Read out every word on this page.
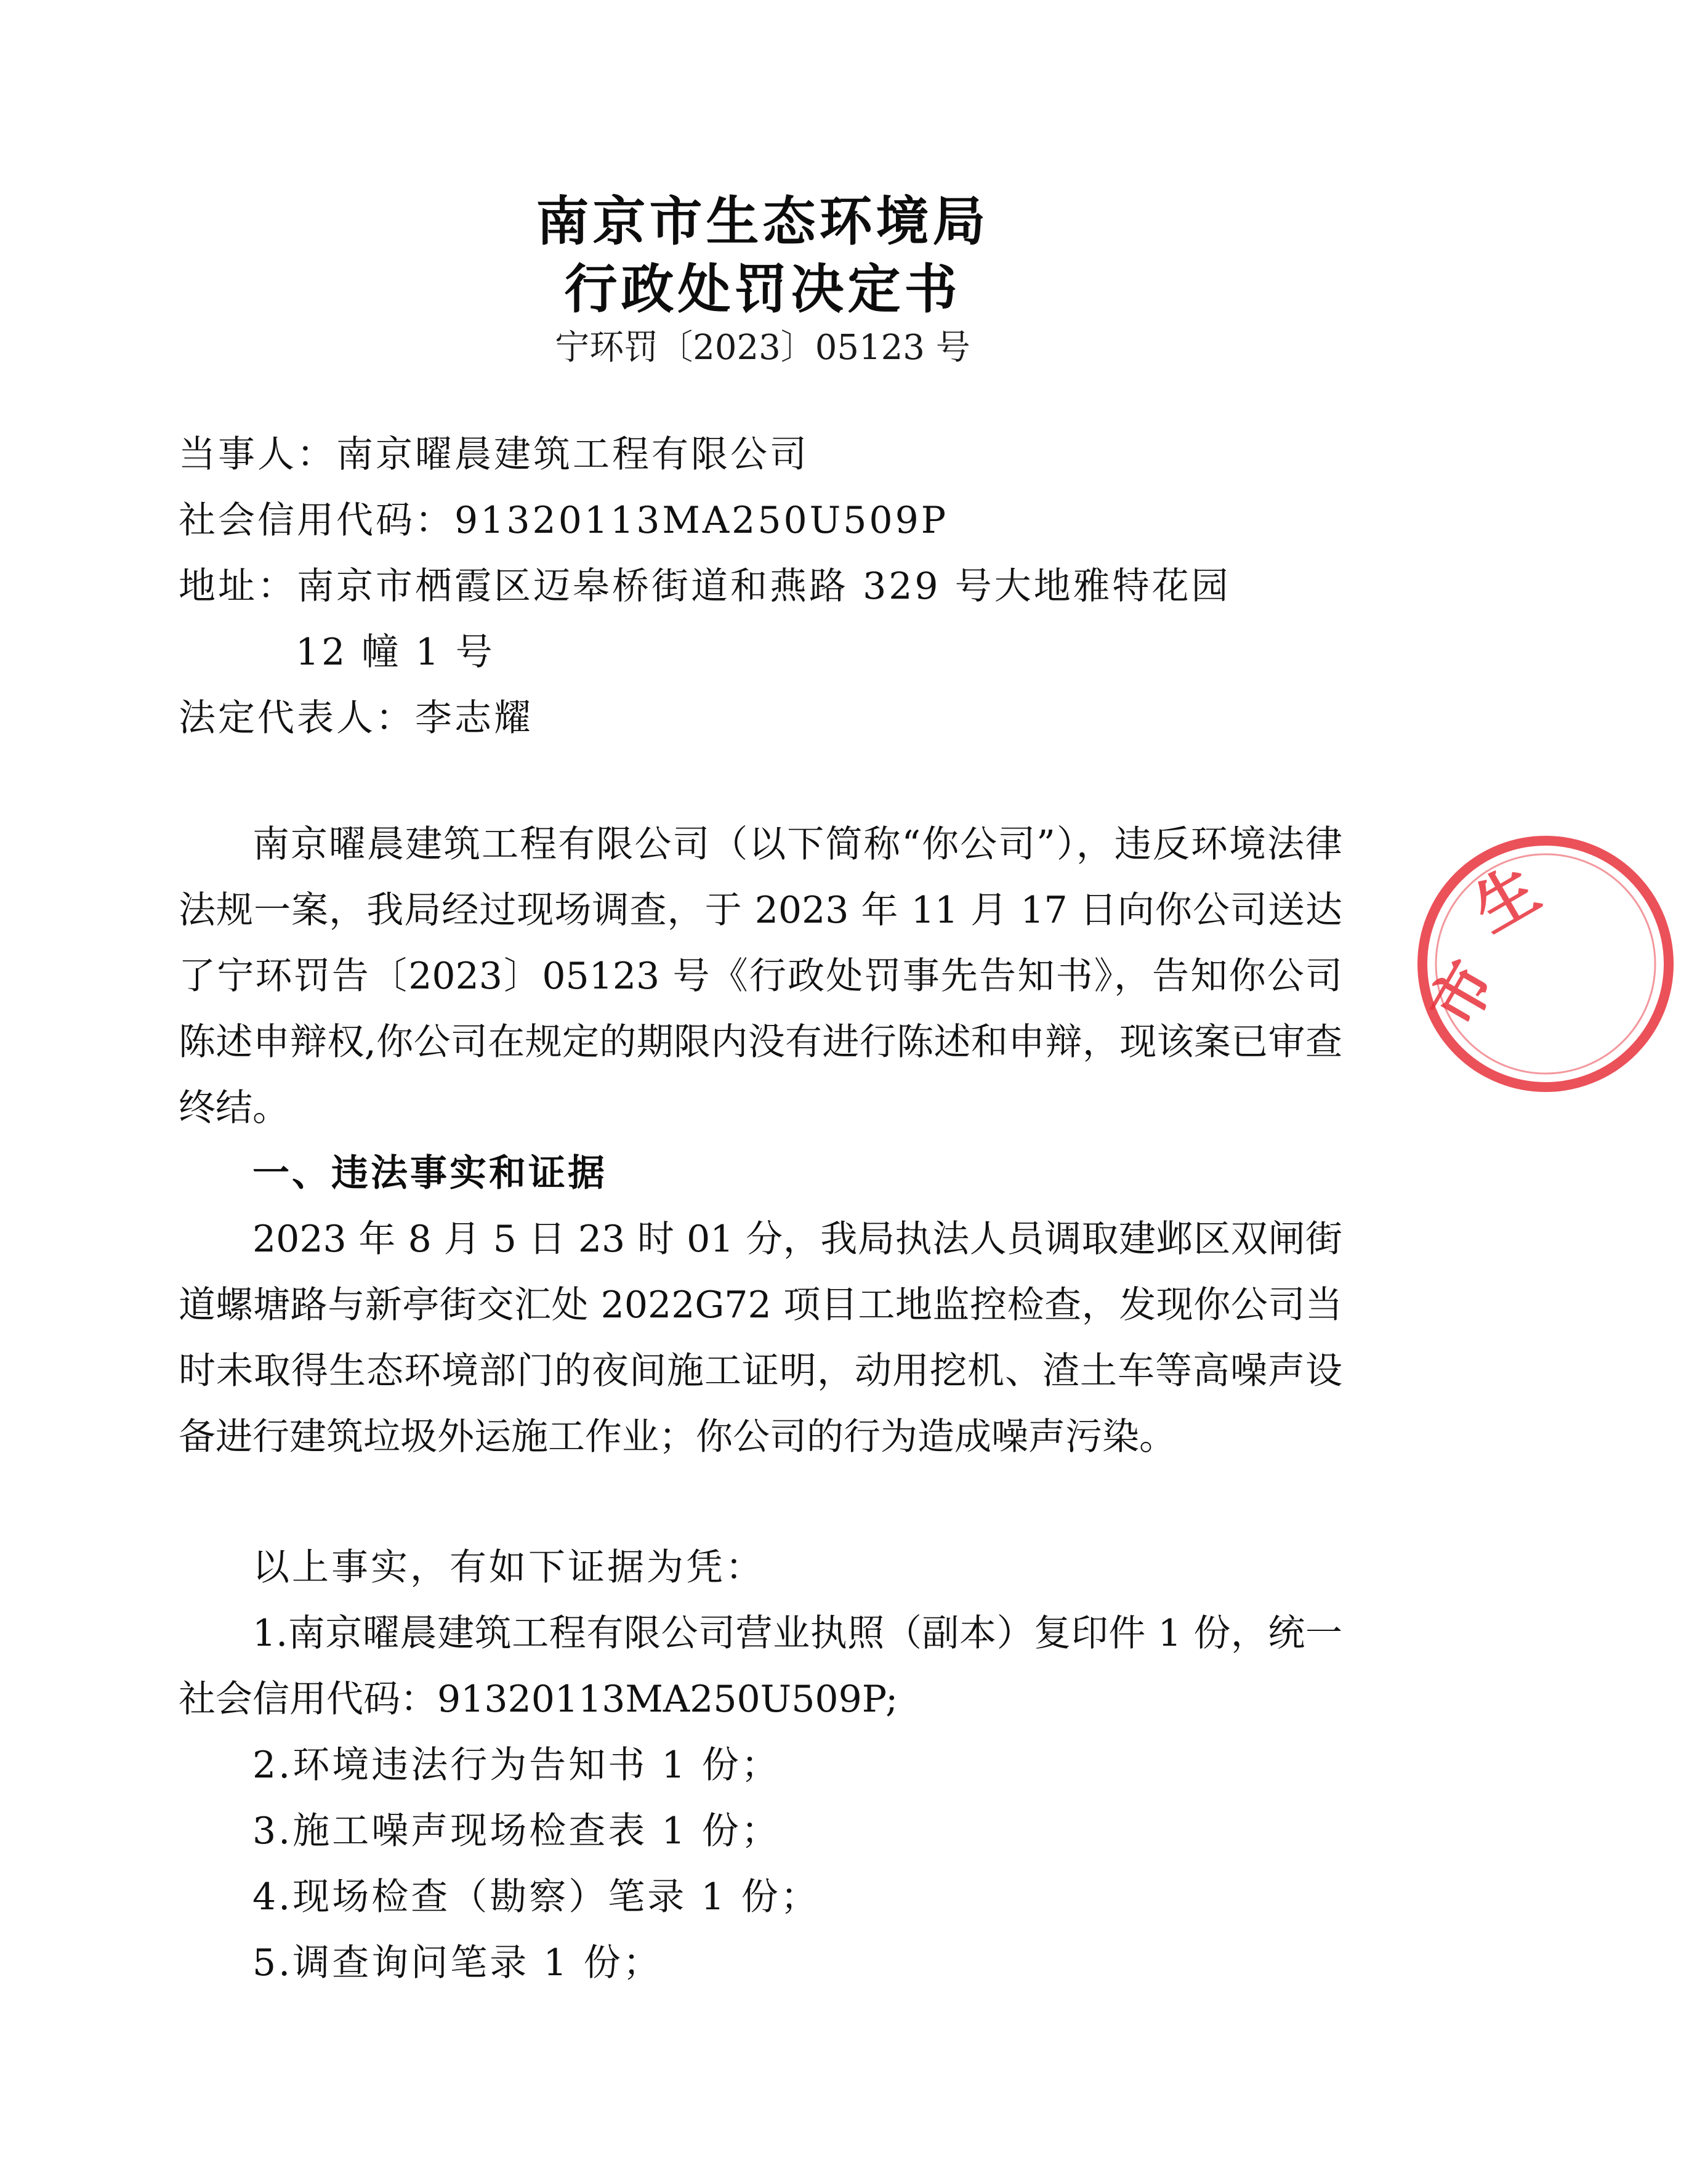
南京市生态环境局
行政处罚决定书
宁环罚〔2023〕05123 号
当事人：南京曜晨建筑工程有限公司
社会信用代码：91320113MA250U509P
地址：南京市栖霞区迈皋桥街道和燕路 329 号大地雅特花园
12 幢 1 号
法定代表人：李志耀
南京曜晨建筑工程有限公司（以下简称“你公司”），违反环境法律法规一案，我局经过现场调查，于 2023 年 11 月 17 日向你公司送达了宁环罚告〔2023〕05123 号《行政处罚事先告知书》，告知你公司陈述申辩权,你公司在规定的期限内没有进行陈述和申辩，现该案已审查终结。
一、违法事实和证据
2023 年 8 月 5 日 23 时 01 分，我局执法人员调取建邺区双闸街道螺塘路与新亭街交汇处 2022G72 项目工地监控检查，发现你公司当时未取得生态环境部门的夜间施工证明，动用挖机、渣土车等高噪声设备进行建筑垃圾外运施工作业；你公司的行为造成噪声污染。
以上事实，有如下证据为凭：
1.南京曜晨建筑工程有限公司营业执照（副本）复印件 1 份，统一社会信用代码：91320113MA250U509P;
2.环境违法行为告知书 1 份；
3.施工噪声现场检查表 1 份；
4.现场检查（勘察）笔录 1 份；
5.调查询问笔录 1 份；
市
生
